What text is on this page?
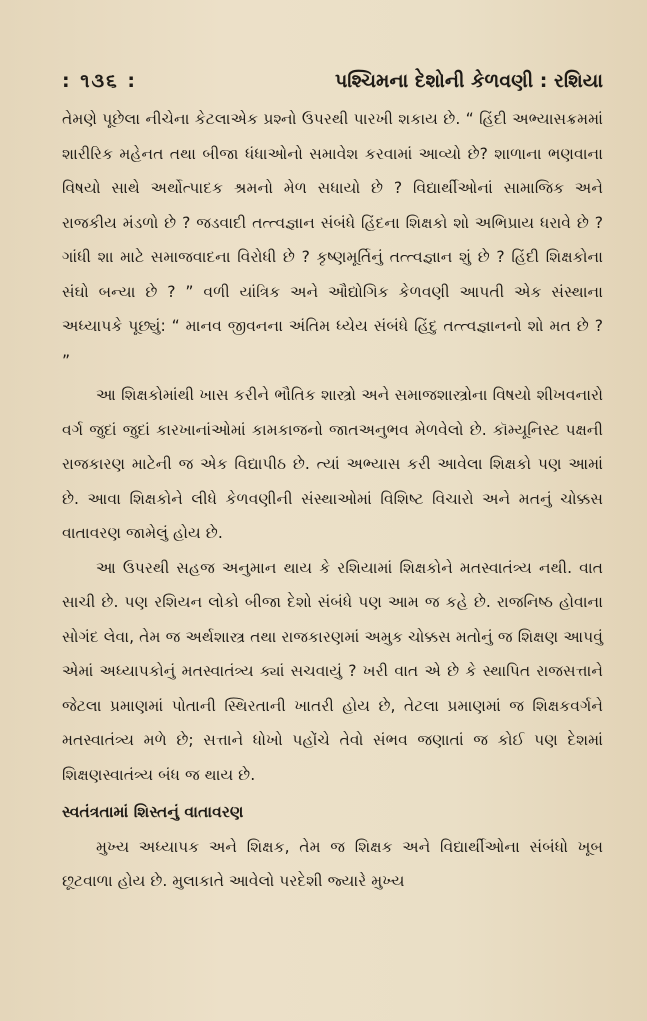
: ૧૩૬ :	પશ્ચિમના દેશોની કેળવણી : રશિયા

તેમણે પૂછેલા નીચેના કેટલાએક પ્રશ્નો ઉપરથી પારખી શકાય છે. “ હિંદી અભ્યાસક્રમમાં શારીરિક મહેનત તથા બીજા ધંધાઓનો સમાવેશ કરવામાં આવ્યો છે? શાળાના ભણવાના વિષયો સાથે અર્થોત્પાદક શ્રમનો મેળ સધાયો છે ? વિદ્યાર્થીઓનાં સામાજિક અને રાજકીય મંડળો છે ? જડવાદી તત્ત્વજ્ઞાન સંબંધે હિંદના શિક્ષકો શો અભિપ્રાય ધરાવે છે ? ગાંધી શા માટે સમાજવાદના વિરોધી છે ? કૃષ્ણમૂર્તિનું તત્ત્વજ્ઞાન શું છે ? હિંદી શિક્ષકોના સંઘો બન્યા છે ? ” વળી યાંત્રિક અને ઔદ્યોગિક કેળવણી આપતી એક સંસ્થાના અધ્યાપકે પૂછ્યું: “ માનવ જીવનના અંતિમ ધ્યેય સંબંધે હિંદુ તત્ત્વજ્ઞાનનો શો મત છે ? ”

આ શિક્ષકોમાંથી ખાસ કરીને ભૌતિક શાસ્ત્રો અને સમાજશાસ્ત્રોના વિષયો શીખવનારો વર્ગ જુદાં જુદાં કારખાનાંઓમાં કામકાજનો જાતઅનુભવ મેળવેલો છે. કૉમ્યૂનિસ્ટ પક્ષની રાજકારણ માટેની જ એક વિદ્યાપીઠ છે. ત્યાં અભ્યાસ કરી આવેલા શિક્ષકો પણ આમાં છે. આવા શિક્ષકોને લીધે કેળવણીની સંસ્થાઓમાં વિશિષ્ટ વિચારો અને મતનું ચોક્કસ વાતાવરણ જામેલું હોય છે.

આ ઉપરથી સહજ અનુમાન થાય કે રશિયામાં શિક્ષકોને મતસ્વાતંત્ર્ય નથી. વાત સાચી છે. પણ રશિયન લોકો બીજા દેશો સંબંધે પણ આમ જ કહે છે. રાજનિષ્ઠ હોવાના સોગંદ લેવા, તેમ જ અર્થશાસ્ત્ર તથા રાજકારણમાં અમુક ચોક્કસ મતોનું જ શિક્ષણ આપવું એમાં અધ્યાપકોનું મતસ્વાતંત્ર્ય ક્યાં સચવાયું ? ખરી વાત એ છે કે સ્થાપિત રાજસત્તાને જેટલા પ્રમાણમાં પોતાની સ્થિરતાની ખાતરી હોય છે, તેટલા પ્રમાણમાં જ શિક્ષકવર્ગને મતસ્વાતંત્ર્ય મળે છે; સત્તાને ધોખો પહોંચે તેવો સંભવ જણાતાં જ કોઈ પણ દેશમાં શિક્ષણસ્વાતંત્ર્ય બંધ જ થાય છે.

સ્વતંત્રતામાં શિસ્તનું વાતાવરણ

મુખ્ય અધ્યાપક અને શિક્ષક, તેમ જ શિક્ષક અને વિદ્યાર્થીઓના સંબંધો ખૂબ છૂટવાળા હોય છે. મુલાકાતે આવેલો પરદેશી જ્યારે મુખ્ય
